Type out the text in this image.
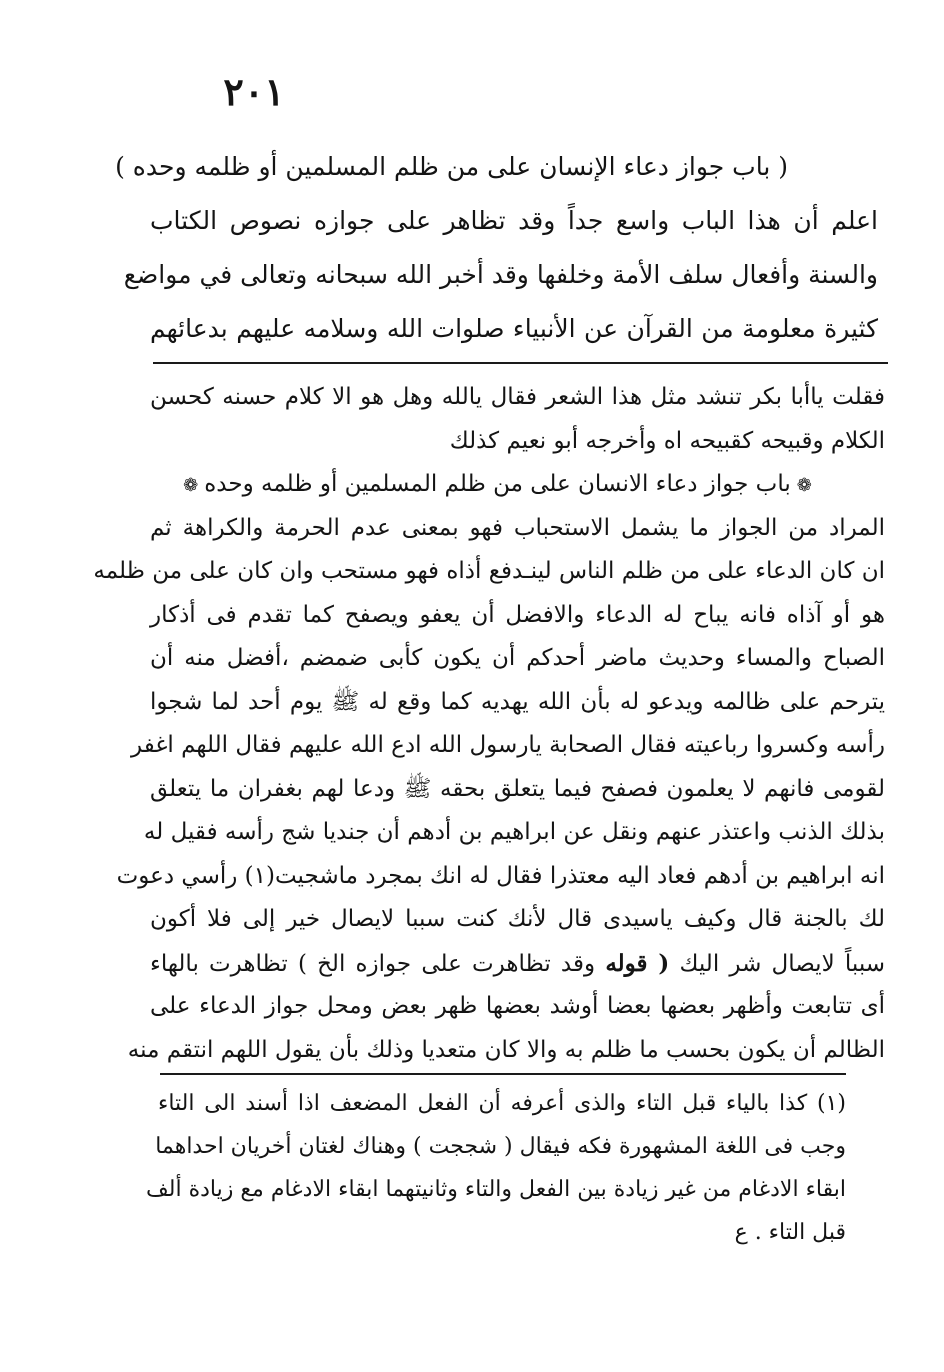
٢٠١
( باب جواز دعاء الإنسان على من ظلم المسلمين أو ظلمه وحده )
اعلم أن هذا الباب واسع جداً وقد تظاهر على جوازه نصوص الكتاب
والسنة وأفعال سلف الأمة وخلفها وقد أخبر الله سبحانه وتعالى في مواضع
كثيرة معلومة من القرآن عن الأنبياء صلوات الله وسلامه عليهم بدعائهم
فقلت ياأبا بكر تنشد مثل هذا الشعر فقال يالله وهل هو الا كلام حسنه كحسن
الكلام وقبيحه كقبيحه اه وأخرجه أبو نعيم كذلك
❁باب جواز دعاء الانسان على من ظلم المسلمين أو ظلمه وحده❁
المراد من الجواز ما يشمل الاستحباب فهو بمعنى عدم الحرمة والكراهة ثم
ان كان الدعاء على من ظلم الناس لينـدفع أذاه فهو مستحب وان كان على من ظلمه
هو أو آذاه فانه يباح له الدعاء والافضل أن يعفو ويصفح كما تقدم فى أذكار
الصباح والمساء وحديث ماضر أحدكم أن يكون كأبى ضمضم ،أفضل منه أن
يترحم على ظالمه ويدعو له بأن الله يهديه كما وقع له ﷺ يوم أحد لما شجوا
رأسه وكسروا رباعيته فقال الصحابة يارسول الله ادع الله عليهم فقال اللهم اغفر
لقومى فانهم لا يعلمون فصفح فيما يتعلق بحقه ﷺ ودعا لهم بغفران ما يتعلق
بذلك الذنب واعتذر عنهم ونقل عن ابراهيم بن أدهم أن جنديا شج رأسه فقيل له
انه ابراهيم بن أدهم فعاد اليه معتذرا فقال له انك بمجرد ماشجيت(١) رأسي دعوت
لك بالجنة قال وكيف ياسيدى قال لأنك كنت سببا لايصال خير إلى فلا أكون
سبباً لايصال شر اليك ( قوله وقد تظاهرت على جوازه الخ ) تظاهرت بالهاء
أى تتابعت وأظهر بعضها بعضا أوشد بعضها ظهر بعض ومحل جواز الدعاء على
الظالم أن يكون بحسب ما ظلم به والا كان متعديا وذلك بأن يقول اللهم انتقم منه
(١) كذا بالياء قبل التاء والذى أعرفه أن الفعل المضعف اذا أسند الى التاء
وجب فى اللغة المشهورة فكه فيقال ( شججت ) وهناك لغتان أخريان احداهما
ابقاء الادغام من غير زيادة بين الفعل والتاء وثانيتهما ابقاء الادغام مع زيادة ألف
قبل التاء . ع
